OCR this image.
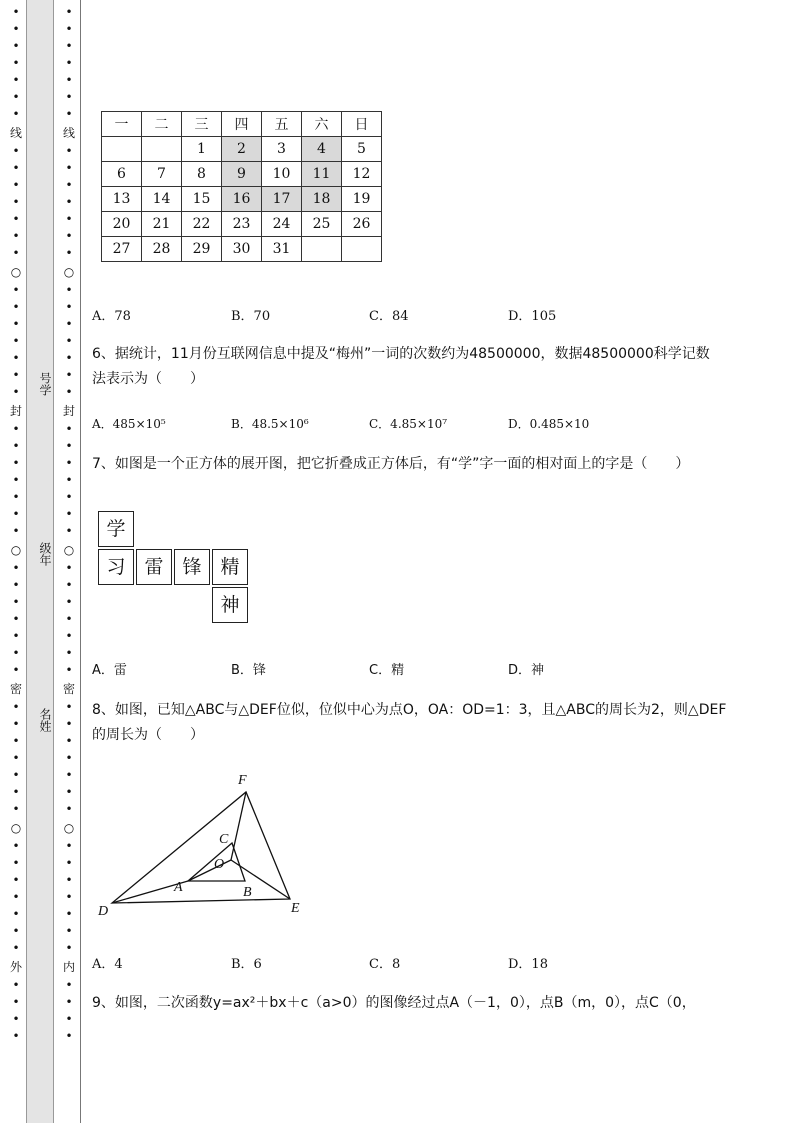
•
•
•
•
•
•
•
线
•
•
•
•
•
•
•
○
•
•
•
•
•
•
•
封
•
•
•
•
•
•
•
○
•
•
•
•
•
•
•
密
•
•
•
•
•
•
•
○
•
•
•
•
•
•
•
外
•
•
•
•
号学
级年
名姓
•
•
•
•
•
•
•
线
•
•
•
•
•
•
•
○
•
•
•
•
•
•
•
封
•
•
•
•
•
•
•
○
•
•
•
•
•
•
•
密
•
•
•
•
•
•
•
○
•
•
•
•
•
•
•
内
•
•
•
•
一	二	三	四	五	六	日
		1	2	3	4	5
6	7	8	9	10	11	12
13	14	15	16	17	18	19
20	21	22	23	24	25	26
27	28	29	30	31		
A．78	B．70	C．84	D．105
6、据统计，11月份互联网信息中提及“梅州”一词的次数约为48500000，数据48500000科学记数
法表示为（　　）
A．485×10⁵	B．48.5×10⁶	C．4.85×10⁷	D．0.485×10
7、如图是一个正方体的展开图，把它折叠成正方体后，有“学”字一面的相对面上的字是（　　）
学
习 雷 锋 精
神
A．雷	B．锋	C．精	D．神
8、如图，已知△ABC与△DEF位似，位似中心为点O，OA：OD=1：3，且△ABC的周长为2，则△DEF
的周长为（　　）
F
C
O
A	B
D	E
A．4	B．6	C．8	D．18
9、如图，二次函数y=ax²＋bx＋c（a>0）的图像经过点A（－1，0），点B（m，0），点C（0，
